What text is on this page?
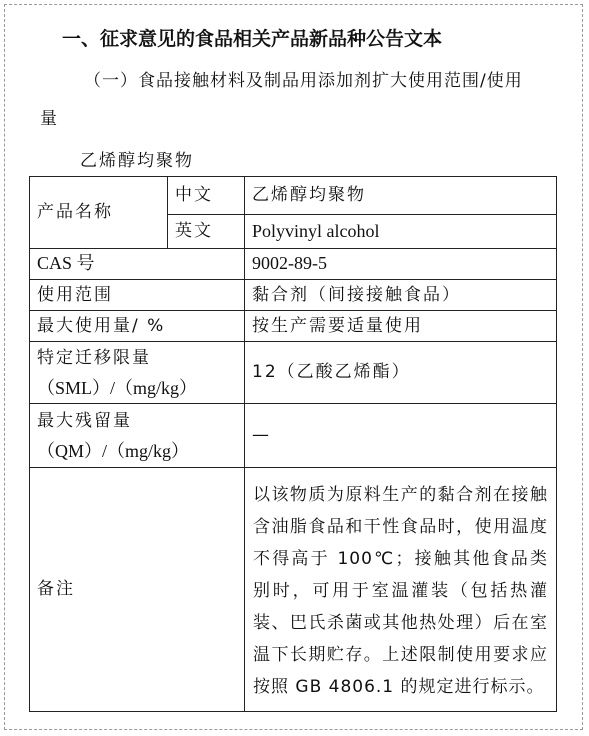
一、征求意见的食品相关产品新品种公告文本
（一）食品接触材料及制品用添加剂扩大使用范围/使用
量
乙烯醇均聚物
产品名称	中文	乙烯醇均聚物
	英文	Polyvinyl alcohol
CAS 号		9002-89-5
使用范围		黏合剂（间接接触食品）
最大使用量/ %		按生产需要适量使用

特定迁移限量
（SML）/（mg/kg）		12（乙酸乙烯酯）

最大残留量
（QM）/（mg/kg）		—
备注		以该物质为原料生产的黏合剂在接触含油脂食品和干性食品时，使用温度不得高于 100℃；接触其他食品类别时，可用于室温灌装（包括热灌装、巴氏杀菌或其他热处理）后在室温下长期贮存。上述限制使用要求应按照 GB 4806.1 的规定进行标示。
